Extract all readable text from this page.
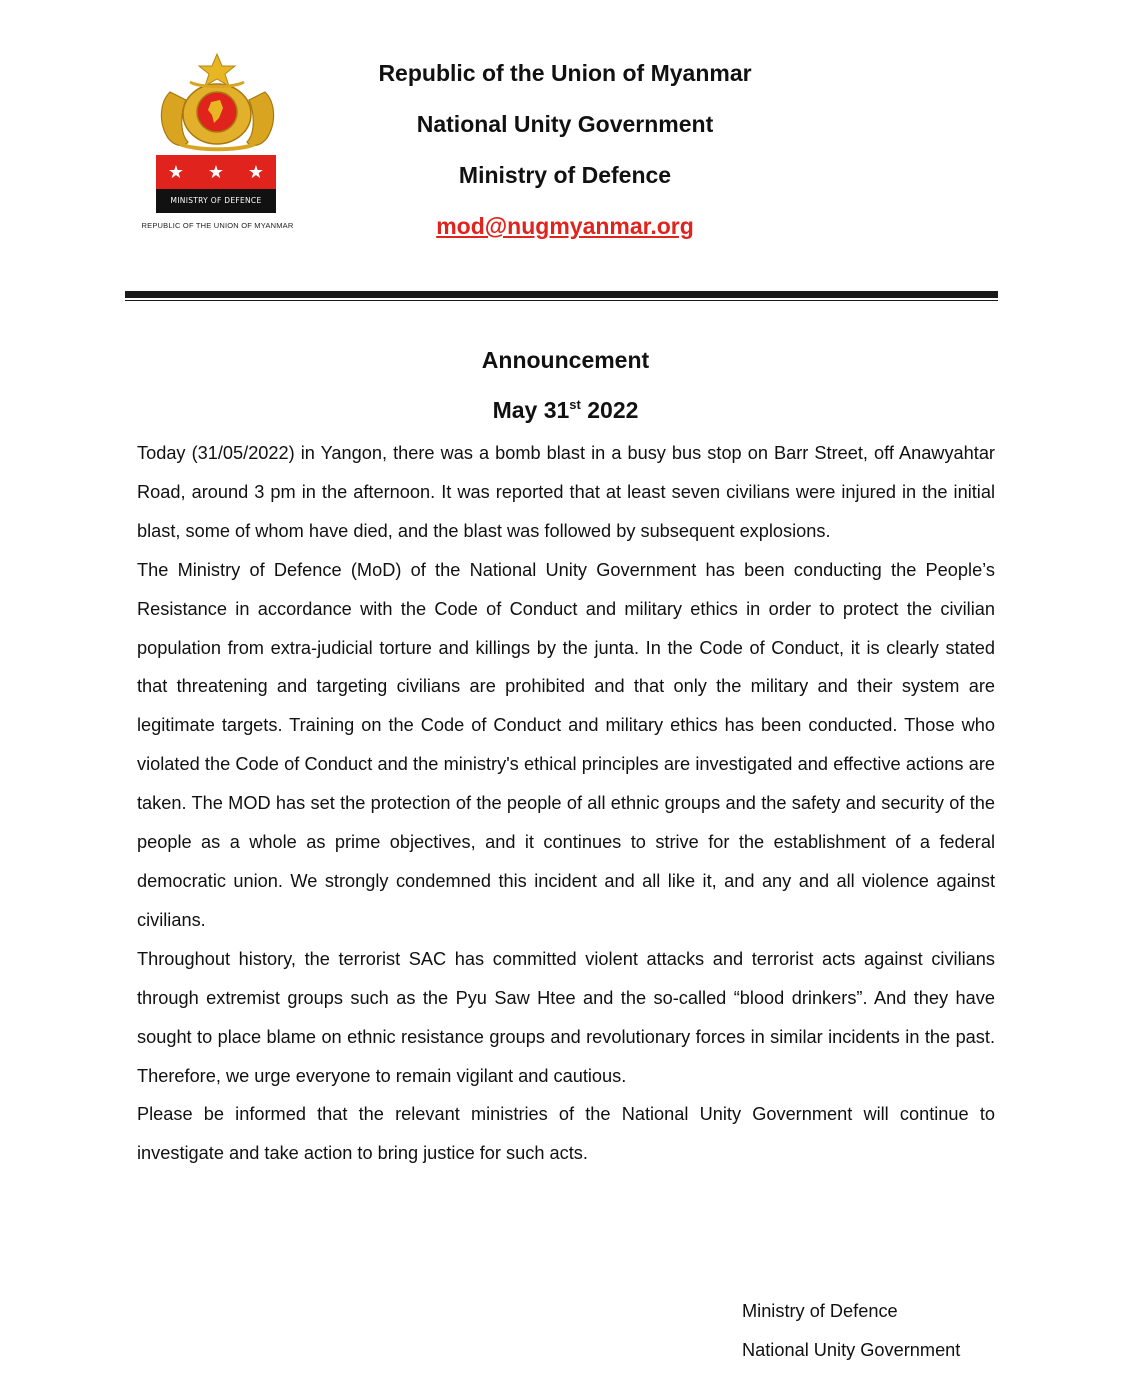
★ ★ ★
MINISTRY OF DEFENCE
REPUBLIC OF THE UNION OF MYANMAR
Republic of the Union of Myanmar
National Unity Government
Ministry of Defence
mod@nugmyanmar.org
Announcement
May 31st 2022

Today (31/05/2022) in Yangon, there was a bomb blast in a busy bus stop on Barr Street, off Anawyahtar Road, around 3 pm in the afternoon. It was reported that at least seven civilians were injured in the initial blast, some of whom have died, and the blast was followed by subsequent explosions.

The Ministry of Defence (MoD) of the National Unity Government has been conducting the People’s Resistance in accordance with the Code of Conduct and military ethics in order to protect the civilian population from extra-judicial torture and killings by the junta. In the Code of Conduct, it is clearly stated that threatening and targeting civilians are prohibited and that only the military and their system are legitimate targets. Training on the Code of Conduct and military ethics has been conducted. Those who violated the Code of Conduct and the ministry's ethical principles are investigated and effective actions are taken. The MOD has set the protection of the people of all ethnic groups and the safety and security of the people as a whole as prime objectives, and it continues to strive for the establishment of a federal democratic union. We strongly condemned this incident and all like it, and any and all violence against civilians.

Throughout history, the terrorist SAC has committed violent attacks and terrorist acts against civilians through extremist groups such as the Pyu Saw Htee and the so-called “blood drinkers”. And they have sought to place blame on ethnic resistance groups and revolutionary forces in similar incidents in the past. Therefore, we urge everyone to remain vigilant and cautious.

Please be informed that the relevant ministries of the National Unity Government will continue to investigate and take action to bring justice for such acts.

Ministry of Defence
National Unity Government
